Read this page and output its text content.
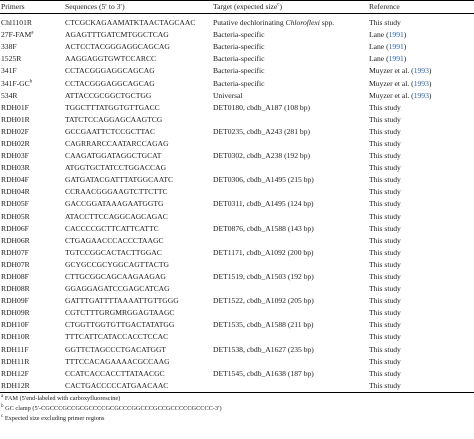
Primers	Sequences (5′ to 3′)	Target (expected size$^c$)	Reference

Chl1101R	CTCGCKAGAAMATKTAACTAGCAAC	Putative dechlorinating Chloroflexi spp.	This study
27F-FAM$^a$	AGAGTTTGATCMTGGCTCAG	Bacteria-specific	Lane (1991)
338F	ACTCCTACGGGAGGCAGCAG	Bacteria-specific	Lane (1991)
1525R	AAGGAGGTGWTCCARCC	Bacteria-specific	Lane (1991)
341F	CCTACGGGAGGCAGCAG	Bacteria-specific	Muyzer et al. (1993)
$341F-GC^b$	CCTACGGGAGGCAGCAG	Bacteria-specific	Muyzer et al. (1993)
534R	ATTACCGCGGCTGCTGG	Universal	Muyzer et al. (1993)
RDH01F	TGGCTTTATGGTGTTGACC	DET0180, cbdb_A187 (108 bp)	This study
RDH01R	TATCTCCAGGAGCAAGTCG		This study
RDH02F	GCCGAATTCTCCGCTTAC	DET0235, cbdb_A243 (281 bp)	This study
RDH02R	CAGRRARCCAATARCCAGAG		This study
RDH03F	CAAGATGGATAGGCTGCAT	DET0302, cbdb_A238 (192 bp)	This study
RDH03R	ATGGTGCTATCCTGGACCAG		This study
RDH04F	GATGATACGATTTATGGCAATC	DET0306, cbdb_A1495 (215 bp)	This study
RDH04R	CCRAACGGGAAGTCTTCTTC		This study
RDH05F	GACCGGATAAAGAATGGTG	DET0311, cbdb_A1495 (124 bp)	This study
RDH05R	ATACCTTCCAGGCAGCAGAC		This study
RDH06F	CACCCCGCTTCATTCATTC	DET0876, cbdb_A1588 (143 bp)	This study
RDH06R	CTGAGAACCCACCCTAAGC		This study
RDH07F	TGTCCGGCACTACTTGGAC	DET1171, cbdb_A1092 (200 bp)	This study
RDH07R	GCYGCCGCYGGCAGTTACTG		This study
RDH08F	CTTGCGGCAGCAAGAAGAG	DET1519, cbdb_A1503 (192 bp)	This study
RDH08R	GGAGGAGATCCGAGCATCAG		This study
RDH09F	GATTTGATTTTAAAATTGTTGGG	DET1522, cbdb_A1092 (205 bp)	This study
RDH09R	CGTCTTTGRGMRGGAGTAAGC		This study
RDH10F	CTGGTTGGTGTTGACTATATGG	DET1535, cbdb_A1588 (211 bp)	This study
RDH10R	TTTCATTCATACCACCTCCAC		This study
RDH11F	GGTTCTAGCCCTGACATGGT	DET1538, cbdb_A1627 (235 bp)	This study
RDH11R	TTTCCACAGAAAACGCCAAG		This study
RDH12F	CCATCACCACCTTATAACGC	DET1545, cbdb_A1638 (187 bp)	This study
RDH12R	CACTGACCCCCATGAACAAC		This study
$^a$ FAM (5′end-labeled with carboxyfluorescine)
$^b$ GC clamp (5′-CGCCCGCCGCGCCCCGCGCCCGGCCCGCCGCCCCCGCCCC-3′)
$^c$ Expected size excluding primer regions
